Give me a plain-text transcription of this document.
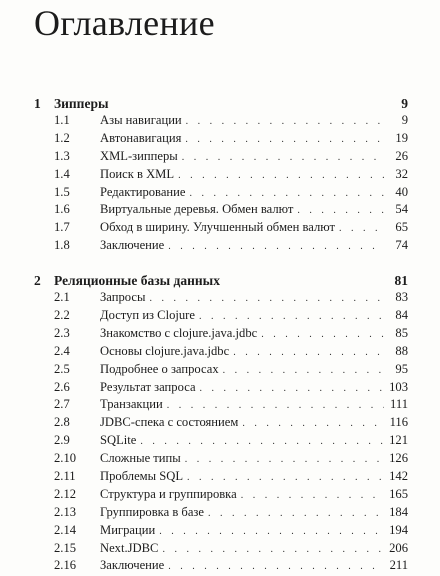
Оглавление
1 Зипперы	9
1.1	Азы навигации . . .	9
1.2	Автонавигация . . .	19
1.3	XML-зипперы . . .	26
1.4	Поиск в XML . . .	32
1.5	Редактирование . . .	40
1.6	Виртуальные деревья. Обмен валют . . .	54
1.7	Обход в ширину. Улучшенный обмен валют . . .	65
1.8	Заключение . . .	74
2 Реляционные базы данных	81
2.1	Запросы . . .	83
2.2	Доступ из Clojure . . .	84
2.3	Знакомство с clojure.java.jdbc . . .	85
2.4	Основы clojure.java.jdbc . . .	88
2.5	Подробнее о запросах . . .	95
2.6	Результат запроса . . .	103
2.7	Транзакции . . .	111
2.8	JDBC-спека с состоянием . . .	116
2.9	SQLite . . .	121
2.10	Сложные типы . . .	126
2.11	Проблемы SQL . . .	142
2.12	Структура и группировка . . .	165
2.13	Группировка в базе . . .	184
2.14	Миграции . . .	194
2.15	Next.JDBC . . .	206
2.16	Заключение . . .	211
